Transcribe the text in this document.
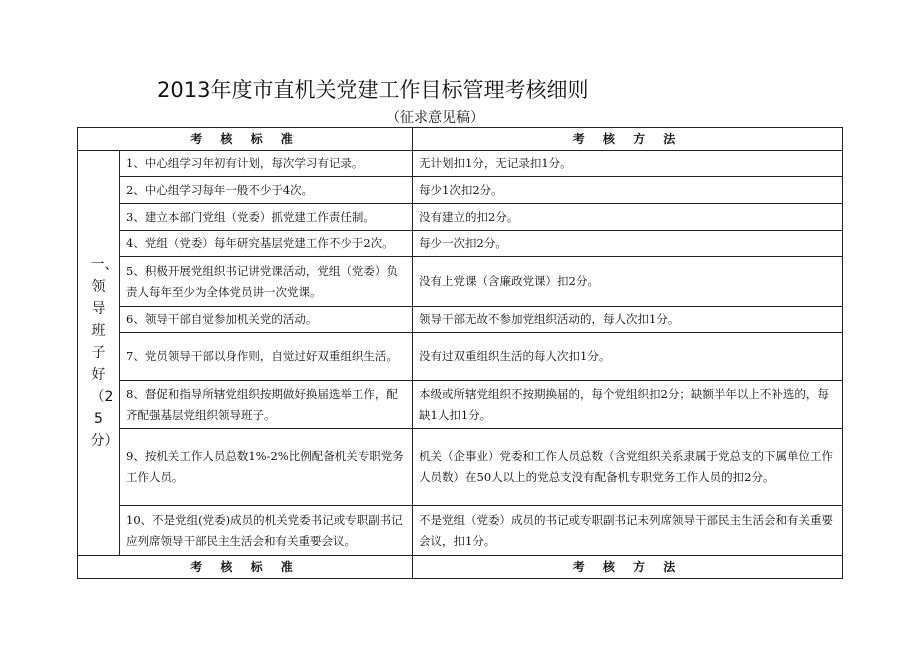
2013年度市直机关党建工作目标管理考核细则
（征求意见稿）
考 核 标 准		考 核 方 法

一、领导班子好（25分）	1、中心组学习年初有计划，每次学习有记录。	无计划扣1分，无记录扣1分。
	2、中心组学习每年一般不少于4次。	每少1次扣2分。
	3、建立本部门党组（党委）抓党建工作责任制。	没有建立的扣2分。
	4、党组（党委）每年研究基层党建工作不少于2次。	每少一次扣2分。
	5、积极开展党组织书记讲党课活动，党组（党委）负责人每年至少为全体党员讲一次党课。	没有上党课（含廉政党课）扣2分。
	6、领导干部自觉参加机关党的活动。	领导干部无故不参加党组织活动的，每人次扣1分。
	7、党员领导干部以身作则，自觉过好双重组织生活。	没有过双重组织生活的每人次扣1分。
	8、督促和指导所辖党组织按期做好换届选举工作，配齐配强基层党组织领导班子。	本级或所辖党组织不按期换届的，每个党组织扣2分；缺额半年以上不补选的，每缺1人扣1分。
	9、按机关工作人员总数1%-2%比例配备机关专职党务工作人员。	机关（企事业）党委和工作人员总数（含党组织关系隶属于党总支的下属单位工作人员数）在50人以上的党总支没有配备机专职党务工作人员的扣2分。
	10、不是党组(党委)成员的机关党委书记或专职副书记应列席领导干部民主生活会和有关重要会议。	不是党组（党委）成员的书记或专职副书记未列席领导干部民主生活会和有关重要会议，扣1分。
考 核 标 准		考 核 方 法
